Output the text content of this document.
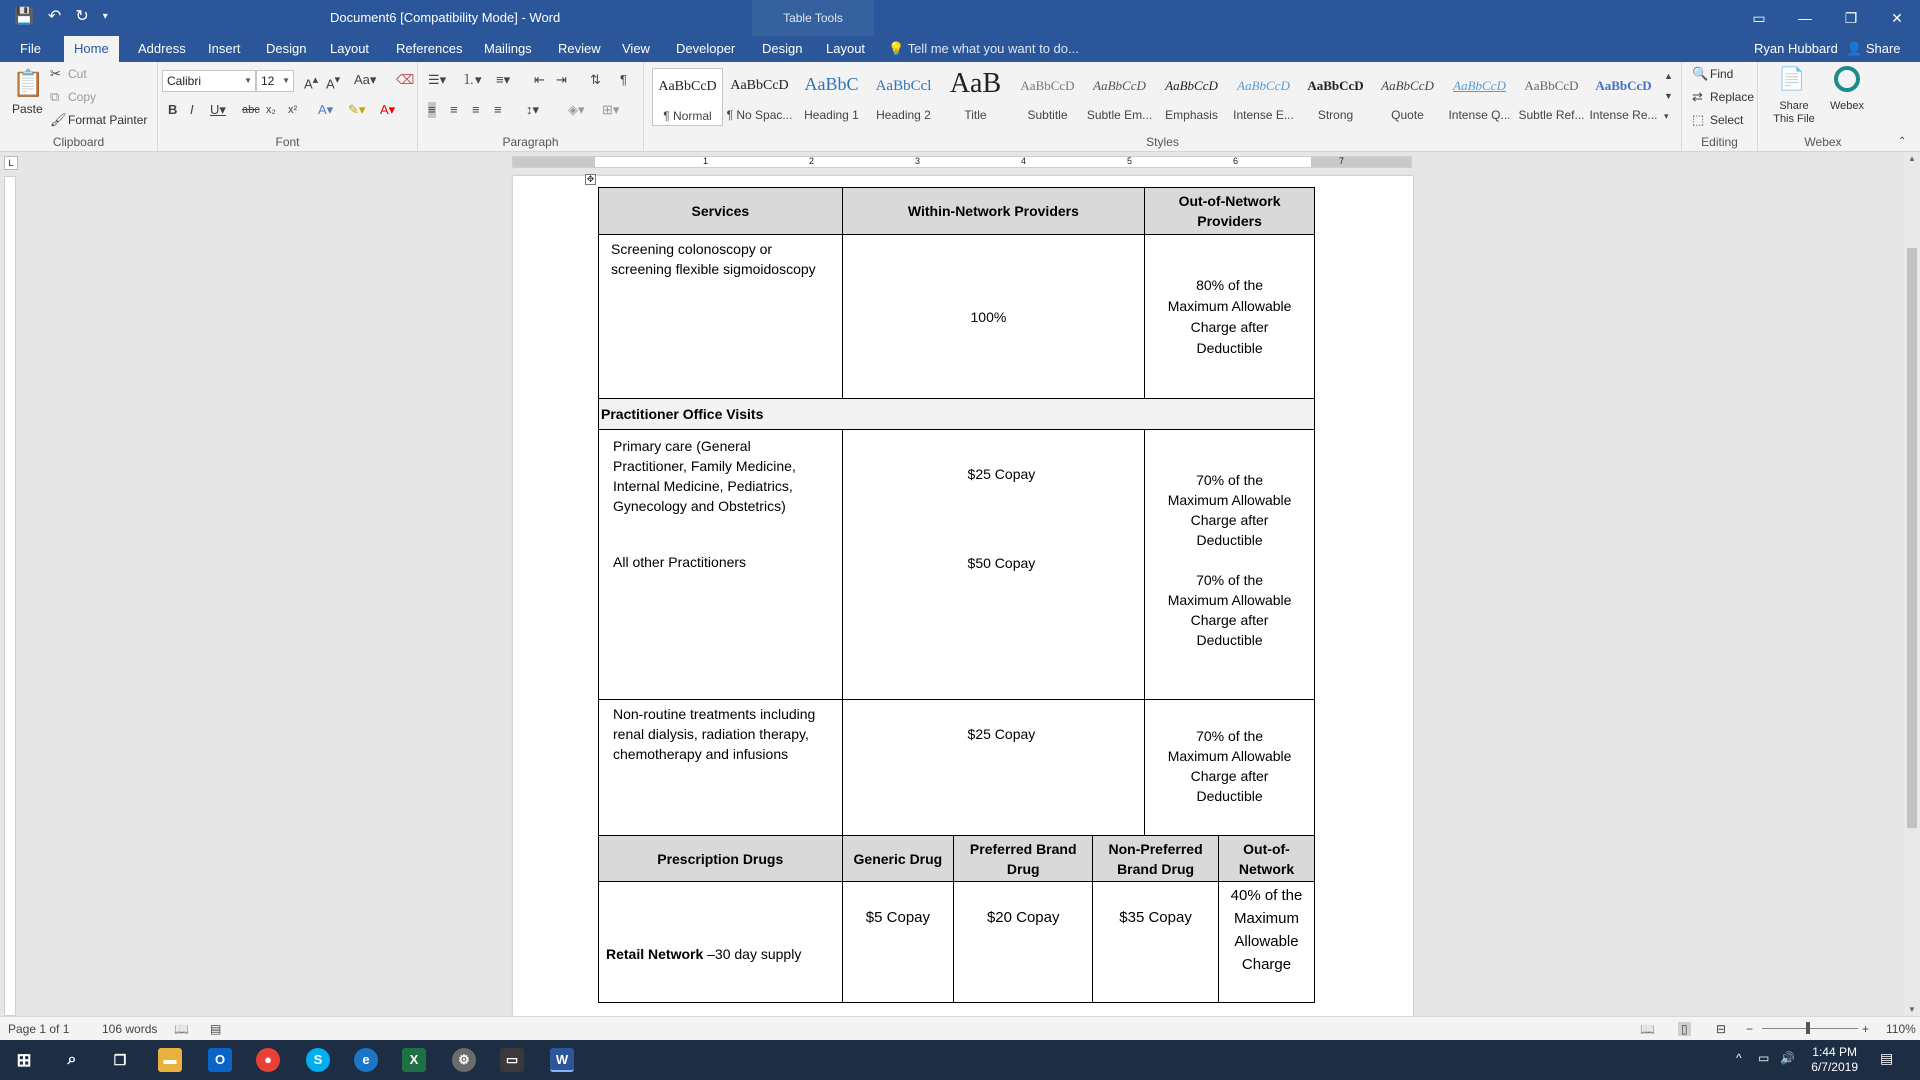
💾 ↶ ↻ ▾	Document6 [Compatibility Mode] - Word	Table Tools	▭	—	❐	✕
File	Home	Address	Insert	Design	Layout	References	Mailings	Review	View	Developer	Design	Layout	💡 Tell me what you want to do...	Ryan Hubbard 👤 Share
📋
Paste
✂ Cut
⧉ Copy
🖌 Format Painter
Clipboard
Calibri	▼ 12 ▼ A▴ A▾ Aa▾ ⌫
B I U▾ abc x₂ x² A▾ ✎▾ A▾
Font
☰▾ ⒈▾ ≡▾ ⇤ ⇥ ⇅ ¶
≡ ≡ ≡ ≡ ↕▾ ◈▾ ⊞▾
Paragraph
AaBbCcD
¶ Normal
AaBbCcD
¶ No Spac...
AaBbC
Heading 1
AaBbCcl
Heading 2
AaB
Title
AaBbCcD
Subtitle
AaBbCcD
Subtle Em...
AaBbCcD
Emphasis
AaBbCcD
Intense E...
AaBbCcD
Strong
AaBbCcD
Quote
AaBbCcD
Intense Q...
AaBbCcD
Subtle Ref...
AaBbCcD
Intense Re...
▲
▼
▾
Styles
🔍 Find
⇄ Replace
⬚ Select
Editing
📄
Share This File
Webex
Webex	⌃
L	1	2	3	4	5	6	7
Services	Within-Network Providers	Out-of-Network Providers

Screening colonoscopy or screening flexible sigmoidoscopy	100%	80% of the Maximum Allowable Charge after Deductible

Practitioner Office Visits		

Primary care (General Practitioner, Family Medicine, Internal Medicine, Pediatrics, Gynecology and Obstetrics)
All other Practitioners	$25 Copay
$50 Copay	70% of the Maximum Allowable Charge after Deductible
70% of the Maximum Allowable Charge after Deductible

Non-routine treatments including renal dialysis, radiation therapy, chemotherapy and infusions	$25 Copay	70% of the Maximum Allowable Charge after Deductible
Prescription Drugs	Generic Drug	Preferred Brand Drug	Non-Preferred Brand Drug	Out-of-Network

Retail Network –30 day supply	$5 Copay	$20 Copay	$35 Copay	40% of the Maximum Allowable Charge
✥
▲
▼
Page 1 of 1	106 words 📖 ▤	📖 ▯ ⊟ −	+ 110%
⊞	⌕	❐	▬	O	●	S	e	X	⚙	▭	W	^ ▭ 🔊 1:44 PM
6/7/2019
▤
